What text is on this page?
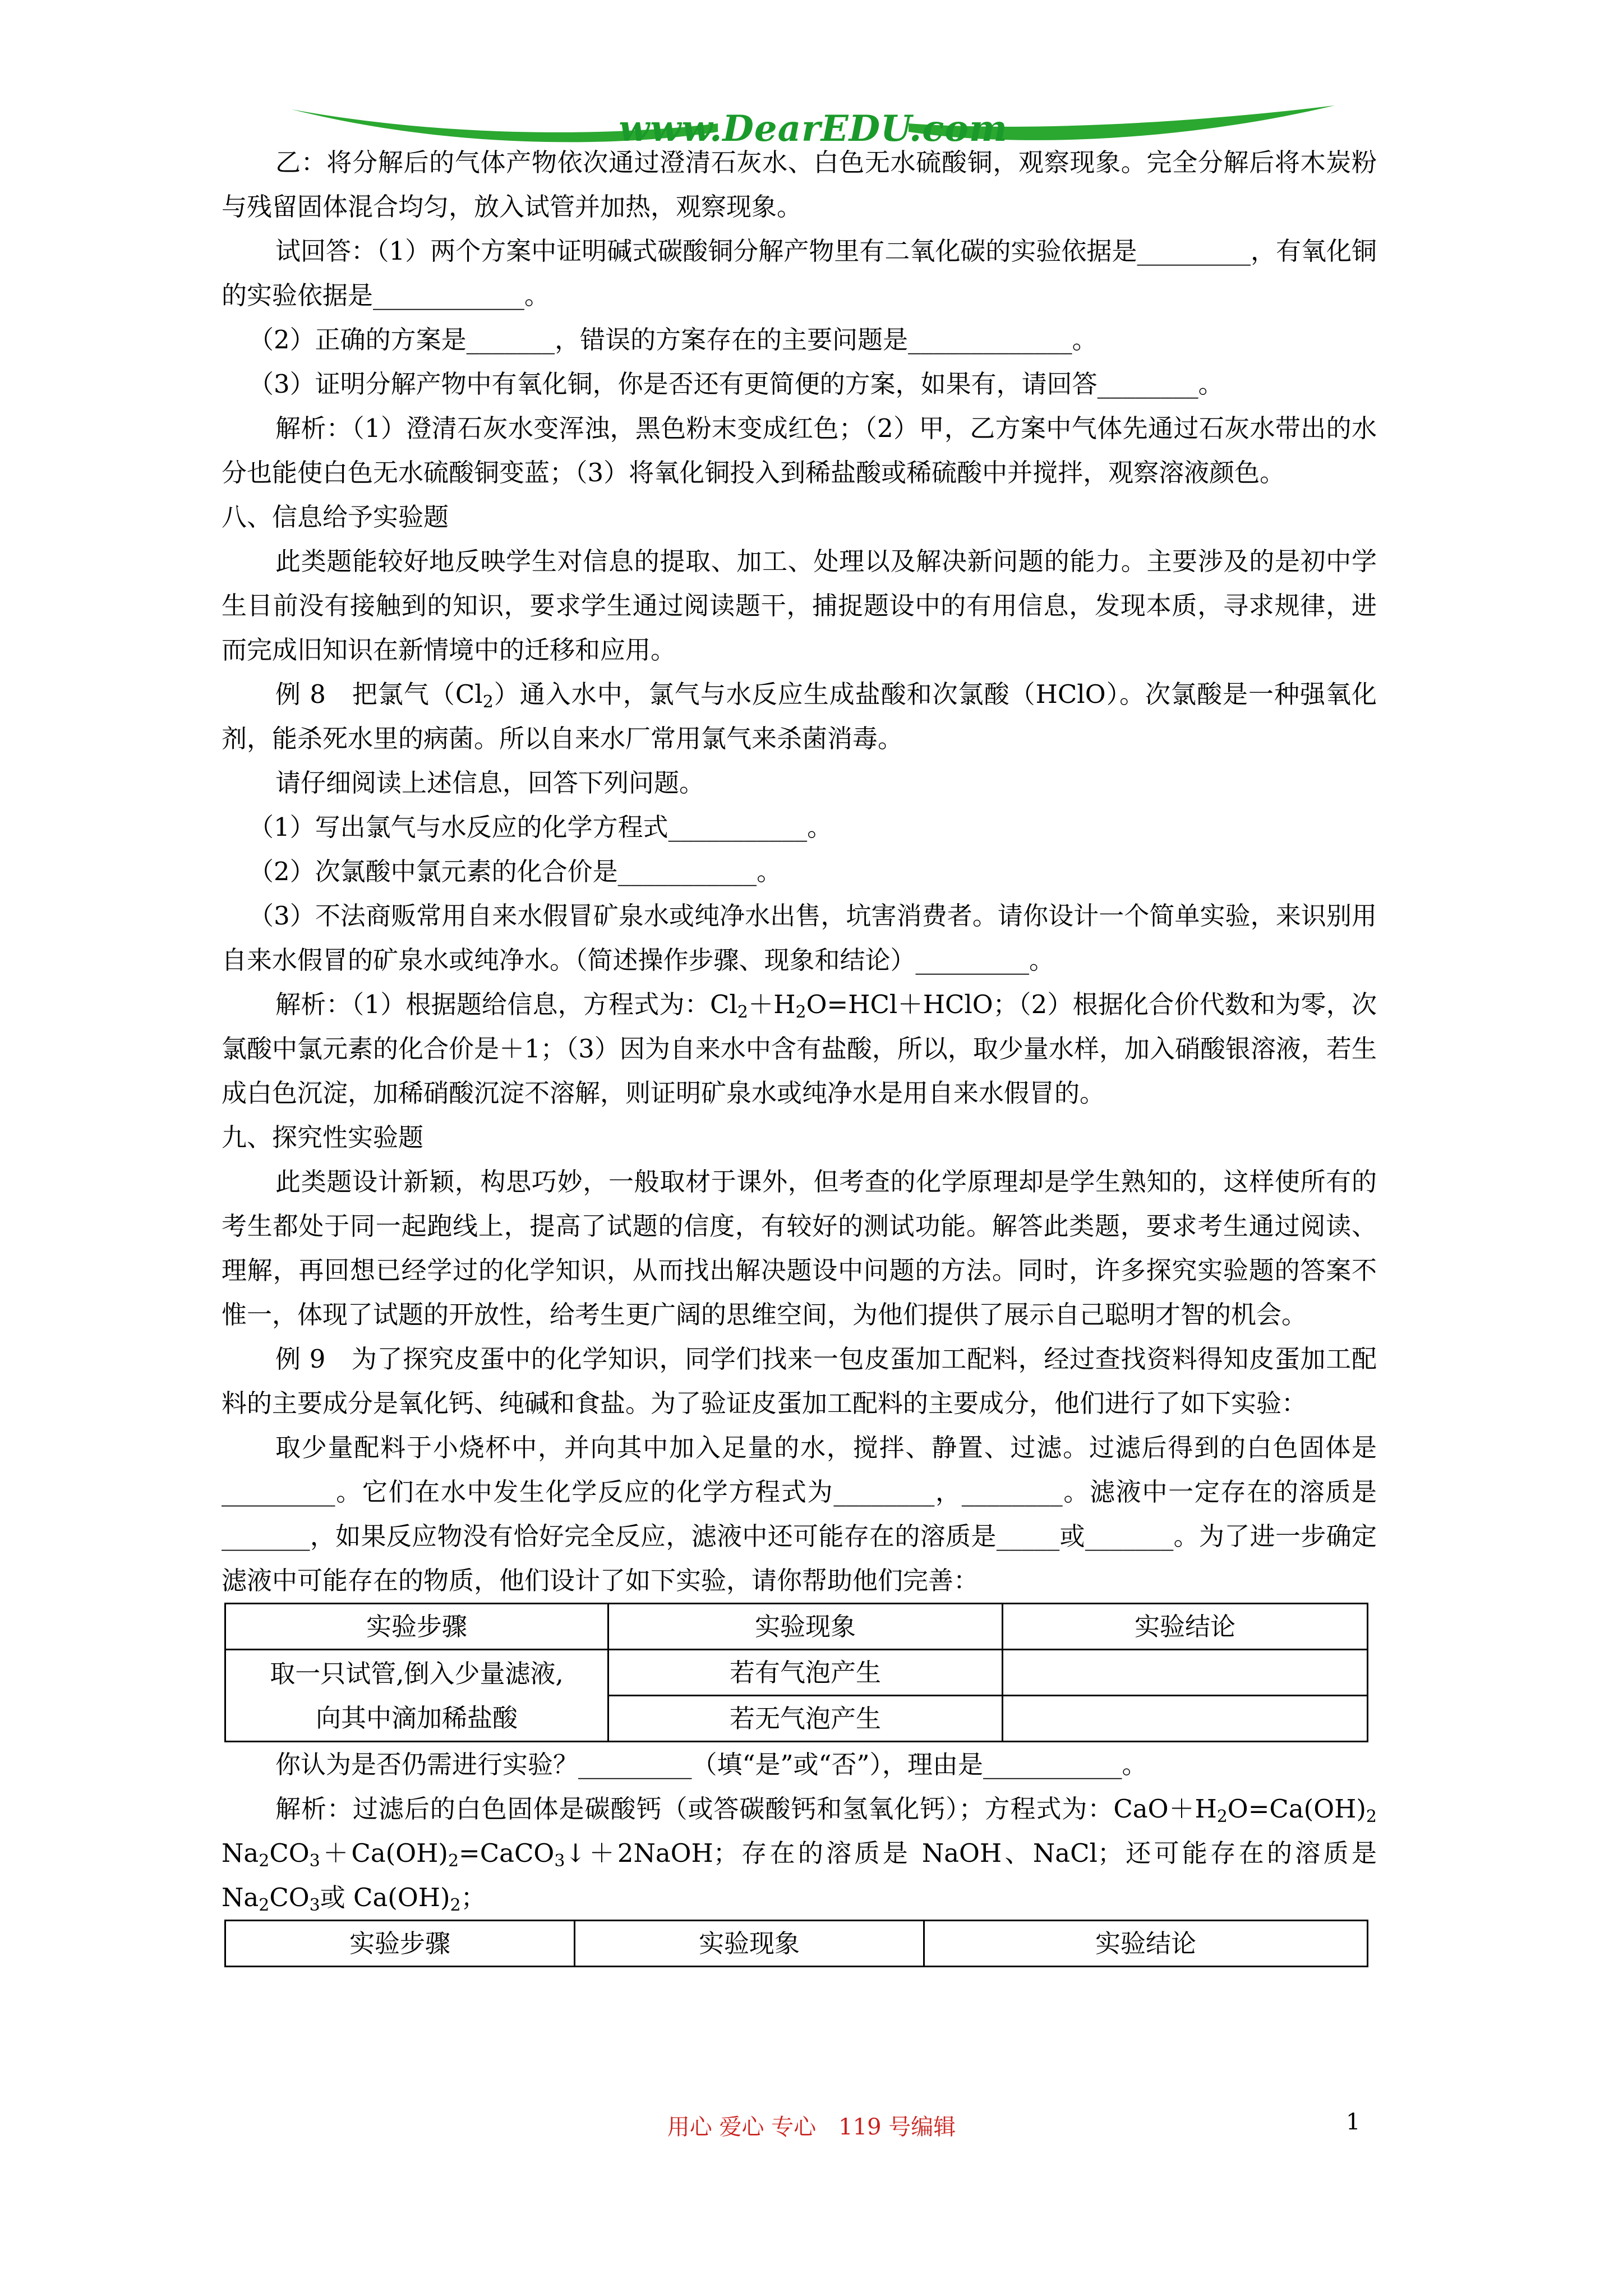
www.DearEDU.com

乙：将分解后的气体产物依次通过澄清石灰水、白色无水硫酸铜，观察现象。完全分解后将木炭粉与残留固体混合均匀，放入试管并加热，观察现象。

试回答：（1）两个方案中证明碱式碳酸铜分解产物里有二氧化碳的实验依据是_________，有氧化铜的实验依据是____________。

（2）正确的方案是_______，错误的方案存在的主要问题是_____________。

（3）证明分解产物中有氧化铜，你是否还有更简便的方案，如果有，请回答________。

解析：（1）澄清石灰水变浑浊，黑色粉末变成红色；（2）甲，乙方案中气体先通过石灰水带出的水分也能使白色无水硫酸铜变蓝；（3）将氧化铜投入到稀盐酸或稀硫酸中并搅拌，观察溶液颜色。

八、信息给予实验题

此类题能较好地反映学生对信息的提取、加工、处理以及解决新问题的能力。主要涉及的是初中学生目前没有接触到的知识，要求学生通过阅读题干，捕捉题设中的有用信息，发现本质，寻求规律，进而完成旧知识在新情境中的迁移和应用。

例 8　把氯气$(Cl_2)$通入水中，氯气与水反应生成盐酸和次氯酸（HClO）。次氯酸是一种强氧化剂，能杀死水里的病菌。所以自来水厂常用氯气来杀菌消毒。

请仔细阅读上述信息，回答下列问题。

（1）写出氯气与水反应的化学方程式___________。

（2）次氯酸中氯元素的化合价是___________。

（3）不法商贩常用自来水假冒矿泉水或纯净水出售，坑害消费者。请你设计一个简单实验，来识别用自来水假冒的矿泉水或纯净水。（简述操作步骤、现象和结论）_________。

解析：（1）根据题给信息，方程式为：$Cl_2+H_2O=HCl+HClO$；（2）根据化合价代数和为零，次氯酸中氯元素的化合价是＋1；（3）因为自来水中含有盐酸，所以，取少量水样，加入硝酸银溶液，若生成白色沉淀，加稀硝酸沉淀不溶解，则证明矿泉水或纯净水是用自来水假冒的。

九、探究性实验题

此类题设计新颖，构思巧妙，一般取材于课外，但考查的化学原理却是学生熟知的，这样使所有的考生都处于同一起跑线上，提高了试题的信度，有较好的测试功能。解答此类题，要求考生通过阅读、理解，再回想已经学过的化学知识，从而找出解决题设中问题的方法。同时，许多探究实验题的答案不惟一，体现了试题的开放性，给考生更广阔的思维空间，为他们提供了展示自己聪明才智的机会。

例 9　为了探究皮蛋中的化学知识，同学们找来一包皮蛋加工配料，经过查找资料得知皮蛋加工配料的主要成分是氧化钙、纯碱和食盐。为了验证皮蛋加工配料的主要成分，他们进行了如下实验：

取少量配料于小烧杯中，并向其中加入足量的水，搅拌、静置、过滤。过滤后得到的白色固体是_________。它们在水中发生化学反应的化学方程式为________，________。滤液中一定存在的溶质是_______，如果反应物没有恰好完全反应，滤液中还可能存在的溶质是_____或_______。为了进一步确定滤液中可能存在的物质，他们设计了如下实验，请你帮助他们完善：

实验步骤	实验现象	实验结论
取一只试管,倒入少量滤液,
向其中滴加稀盐酸	若有气泡产生	
	若无气泡产生	

你认为是否仍需进行实验？_________（填“是”或“否”），理由是___________。

解析：过滤后的白色固体是碳酸钙（或答碳酸钙和氢氧化钙）；方程式为：$CaO+H_2O=Ca(OH)_2$ $Na_2CO_3+Ca(OH)_2=CaCO_3↓+2NaOH$；存在的溶质是 NaOH、NaCl；还可能存在的溶质是 $Na_2CO_3$或 $Ca(OH)_2$；

实验步骤	实验现象	实验结论
用心 爱心 专心　119 号编辑	1
